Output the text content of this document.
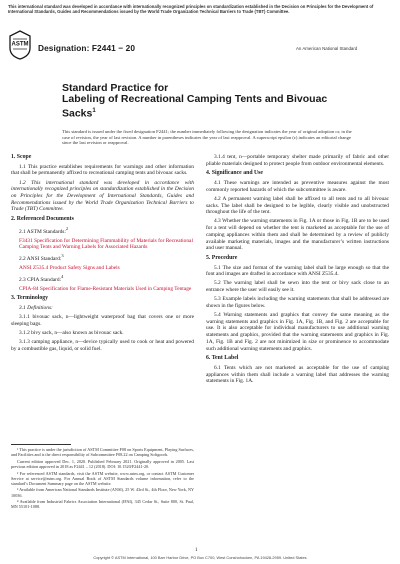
This international standard was developed in accordance with internationally recognized principles on standardization established in the Decision on Principles for the Development of International Standards, Guides and Recommendations issued by the World Trade Organization Technical Barriers to Trade (TBT) Committee.
ASTM Designation: F2441 − 20	An American National Standard
Standard Practice for
Labeling of Recreational Camping Tents and Bivouac Sacks$^1$
This standard is issued under the fixed designation F2441; the number immediately following the designation indicates the year of original adoption or, in the case of revision, the year of last revision. A number in parentheses indicates the year of last reapproval. A superscript epsilon (ε) indicates an editorial change since the last revision or reapproval.
1. Scope

1.1 This practice establishes requirements for warnings and other information that shall be permanently affixed to recreational camping tents and bivouac sacks.

1.2 This international standard was developed in accordance with internationally recognized principles on standardization established in the Decision on Principles for the Development of International Standards, Guides and Recommendations issued by the World Trade Organization Technical Barriers to Trade (TBT) Committee.

2. Referenced Documents

2.1 ASTM Standards:$^2$

F3431 Specification for Determining Flammability of Materials for Recreational Camping Tents and Warning Labels for Associated Hazards

2.2 ANSI Standard:$^3$

ANSI Z535.4 Product Safety Signs and Labels

2.3 CPIA Standard:$^4$

CPIA-84 Specification for Flame-Resistant Materials Used in Camping Tentage
3. Terminology

3.1 Definitions:

3.1.1 bivouac sack, n—lightweight waterproof bag that covers one or more sleeping bags.

3.1.2 bivy sack, n—also known as bivouac sack.

3.1.3 camping appliance, n—device typically used to cook or heat and powered by a combustible gas, liquid, or solid fuel.

3.1.4 tent, n—portable temporary shelter made primarily of fabric and other pliable materials designed to protect people from outdoor environmental elements.

4. Significance and Use

4.1 These warnings are intended as preventive measures against the most commonly reported hazards of which the subcommittee is aware.

4.2 A permanent warning label shall be affixed to all tents and to all bivouac sacks. The label shall be designed to be legible, clearly visible and unobstructed throughout the life of the tent.

4.3 Whether the warning statements in Fig. 1A or those in Fig. 1B are to be used for a tent will depend on whether the tent is marketed as acceptable for the use of camping appliances within them and shall be determined by a review of publicly available marketing materials, images and the manufacturer’s written instructions and user manual.

5. Procedure

5.1 The size and format of the warning label shall be large enough so that the font and images are drafted in accordance with ANSI Z535.4.

5.2 The warning label shall be sewn into the tent or bivy sack close to an entrance where the user will easily see it.

5.3 Example labels including the warning statements that shall be addressed are shown in the figures below.

5.4 Warning statements and graphics that convey the same meaning as the warning statements and graphics in Fig. 1A, Fig. 1B, and Fig. 2 are acceptable for use. It is also acceptable for individual manufacturers to use additional warning statements and graphics, provided that the warning statements and graphics in Fig. 1A, Fig. 1B and Fig. 2 are not minimized in size or prominence to accommodate such additional warning statements and graphics.

6. Tent Label

6.1 Tents which are not marketed as acceptable for the use of camping appliances within them shall include a warning label that addresses the warning statements in Fig. 1A.

¹ This practice is under the jurisdiction of ASTM Committee F08 on Sports Equipment, Playing Surfaces, and Facilities and is the direct responsibility of Subcommittee F08.22 on Camping Softgoods.

Current edition approved Dec. 1, 2020. Published February 2021. Originally approved in 2005. Last previous edition approved in 2018 as F2441 – 12 (2018). DOI: 10.1520/F2441-20.

² For referenced ASTM standards, visit the ASTM website, www.astm.org, or contact ASTM Customer Service at service@astm.org. For Annual Book of ASTM Standards volume information, refer to the standard’s Document Summary page on the ASTM website.

³ Available from American National Standards Institute (ANSI), 25 W. 43rd St., 4th Floor, New York, NY 10036.

⁴ Available from Industrial Fabrics Association International (IFAI), 345 Cedar St., Suite 800, St. Paul, MN 55101-1088.

1
Copyright © ASTM International, 100 Barr Harbor Drive, PO Box C700, West Conshohocken, PA 19428-2959. United States
